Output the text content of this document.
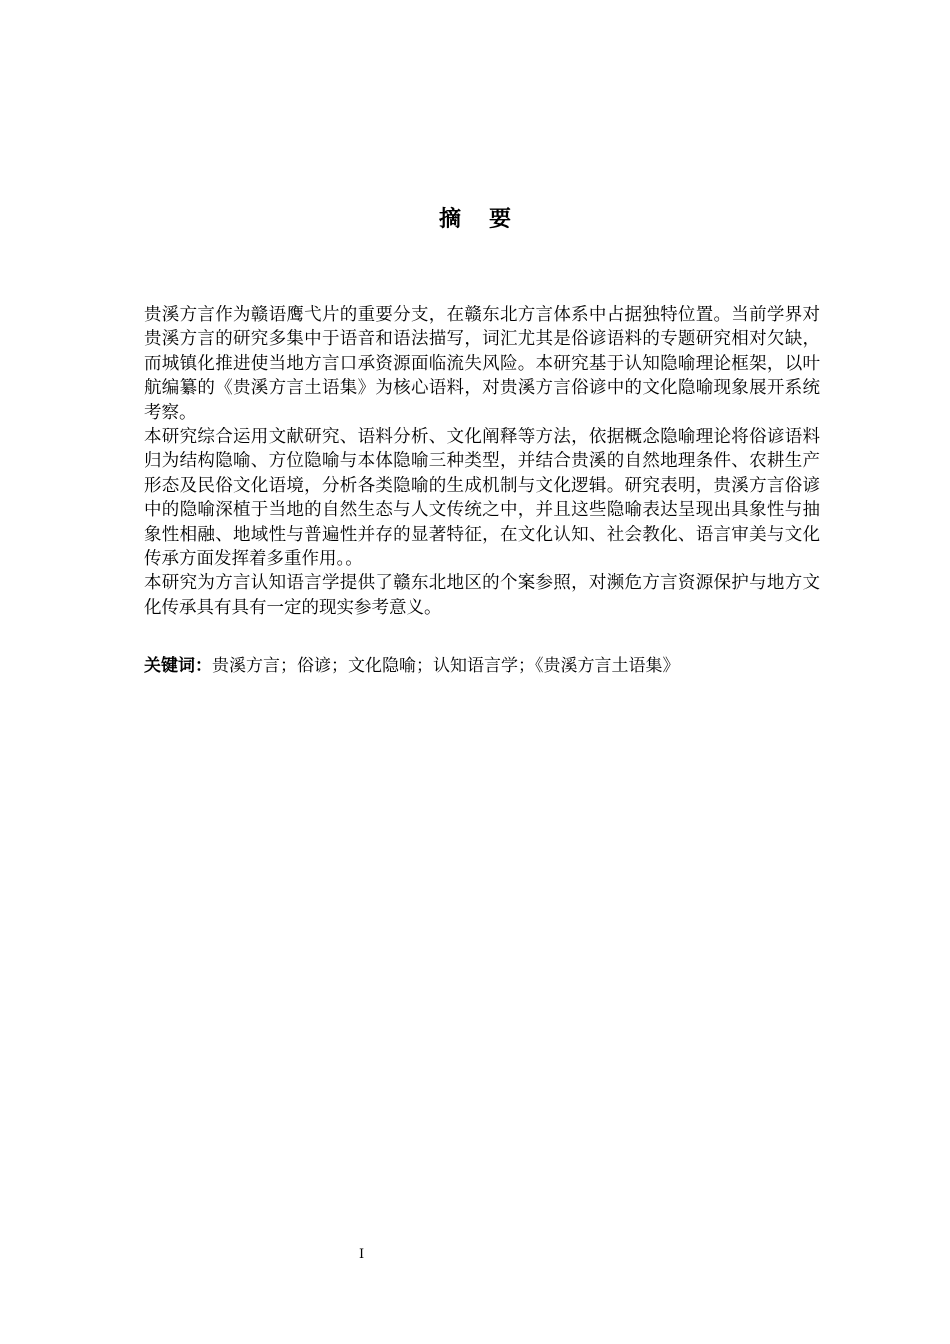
摘要

贵溪方言作为赣语鹰弋片的重要分支，在赣东北方言体系中占据独特位置。当前学界对贵溪方言的研究多集中于语音和语法描写，词汇尤其是俗谚语料的专题研究相对欠缺，而城镇化推进使当地方言口承资源面临流失风险。本研究基于认知隐喻理论框架，以叶航编纂的《贵溪方言土语集》为核心语料，对贵溪方言俗谚中的文化隐喻现象展开系统考察。

本研究综合运用文献研究、语料分析、文化阐释等方法，依据概念隐喻理论将俗谚语料归为结构隐喻、方位隐喻与本体隐喻三种类型，并结合贵溪的自然地理条件、农耕生产形态及民俗文化语境，分析各类隐喻的生成机制与文化逻辑。研究表明，贵溪方言俗谚中的隐喻深植于当地的自然生态与人文传统之中，并且这些隐喻表达呈现出具象性与抽象性相融、地域性与普遍性并存的显著特征，在文化认知、社会教化、语言审美与文化传承方面发挥着多重作用。。

本研究为方言认知语言学提供了赣东北地区的个案参照，对濒危方言资源保护与地方文化传承具有具有一定的现实参考意义。

关键词：贵溪方言；俗谚；文化隐喻；认知语言学；《贵溪方言土语集》
I
